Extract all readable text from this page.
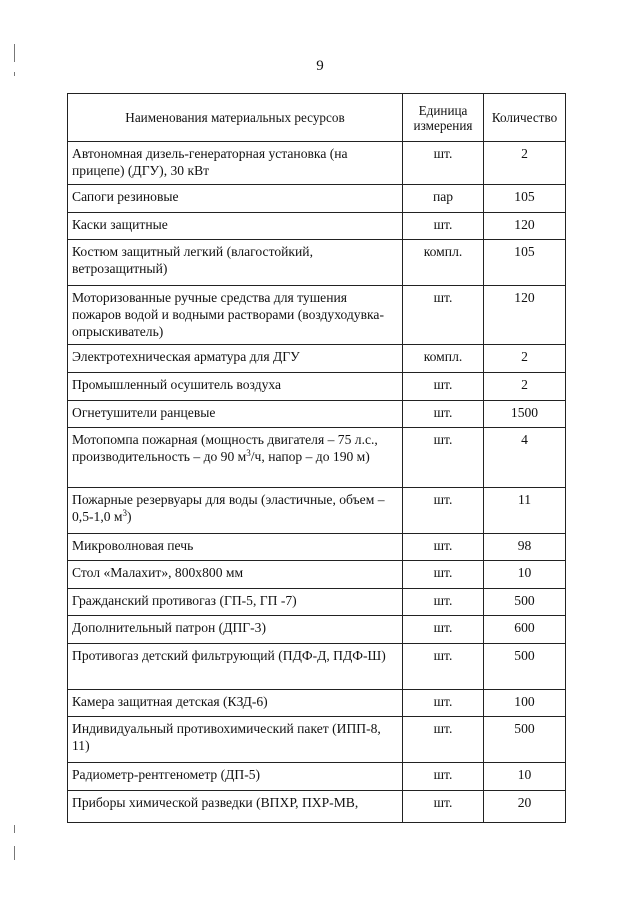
9
Наименования материальных ресурсов	Единица измерения	Количество
Автономная дизель-генераторная установка (на прицепе) (ДГУ), 30 кВт	шт.	2
Сапоги резиновые	пар	105
Каски защитные	шт.	120
Костюм защитный легкий (влагостойкий, ветрозащитный)	компл.	105
Моторизованные ручные средства для тушения пожаров водой и водными растворами (воздуходувка-опрыскиватель)	шт.	120
Электротехническая арматура для ДГУ	компл.	2
Промышленный осушитель воздуха	шт.	2
Огнетушители ранцевые	шт.	1500
Мотопомпа пожарная (мощность двигателя – 75 л.с., производительность – до 90 $м^3/ч$, напор – до 190 м)	шт.	4
Пожарные резервуары для воды (эластичные, объем – 0,5-1,0 $м^3$)	шт.	11
Микроволновая печь	шт.	98
Стол «Малахит», 800х800 мм	шт.	10
Гражданский противогаз (ГП-5, ГП -7)	шт.	500
Дополнительный патрон (ДПГ-3)	шт.	600
Противогаз детский фильтрующий (ПДФ-Д, ПДФ-Ш)	шт.	500
Камера защитная детская (КЗД-6)	шт.	100
Индивидуальный противохимический пакет (ИПП-8, 11)	шт.	500
Радиометр-рентгенометр (ДП-5)	шт.	10
Приборы химической разведки (ВПХР, ПХР-МВ,	шт.	20
